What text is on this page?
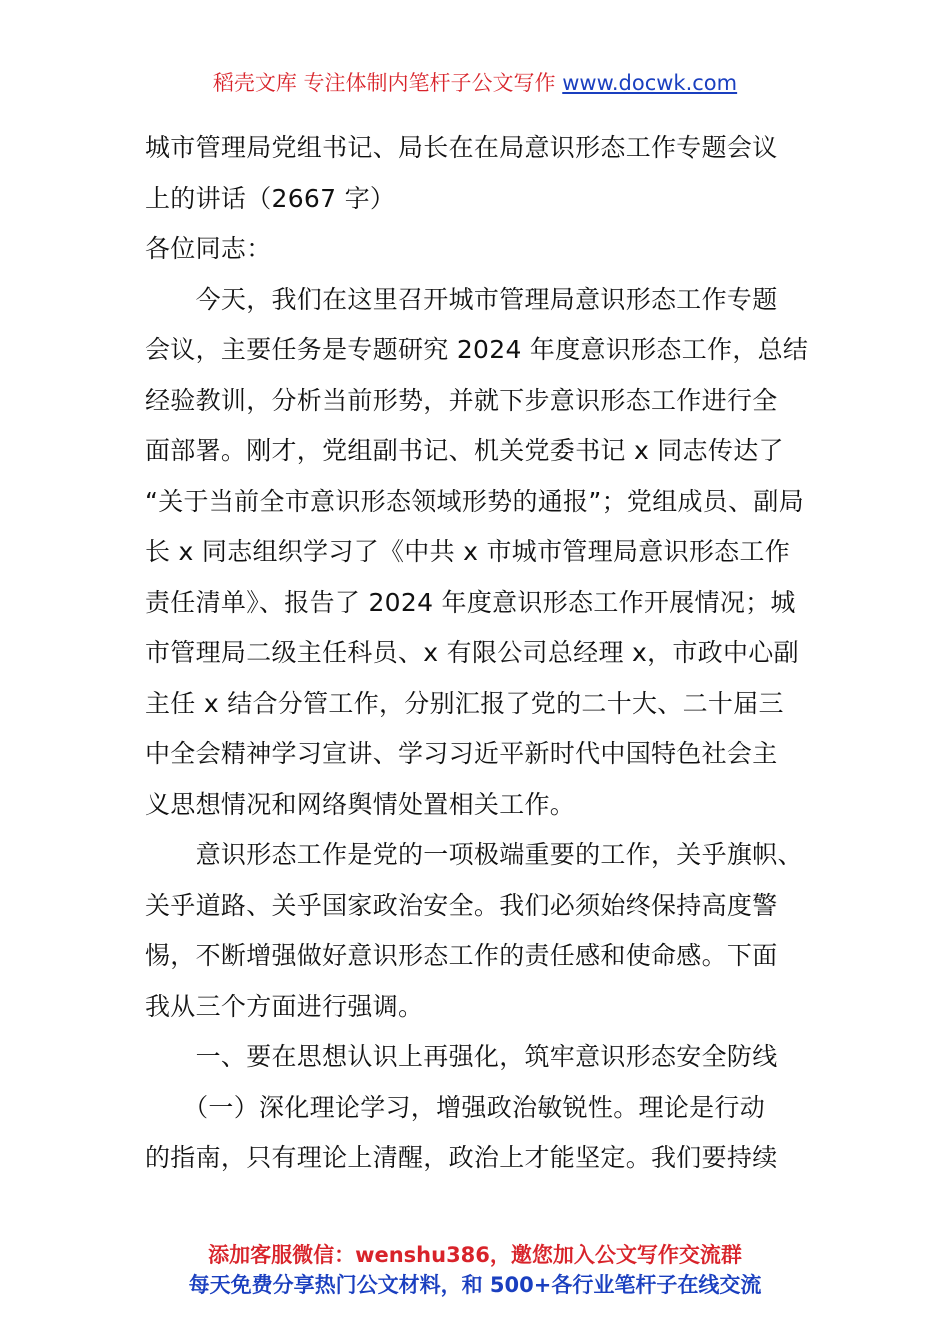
稻壳文库 专注体制内笔杆子公文写作 www.docwk.com
城市管理局党组书记、局长在在局意识形态工作专题会议
上的讲话（2667 字）
各位同志：
　　今天，我们在这里召开城市管理局意识形态工作专题
会议，主要任务是专题研究 2024 年度意识形态工作，总结
经验教训，分析当前形势，并就下步意识形态工作进行全
面部署。刚才，党组副书记、机关党委书记 x 同志传达了
“关于当前全市意识形态领域形势的通报”；党组成员、副局
长 x 同志组织学习了《中共 x 市城市管理局意识形态工作
责任清单》、报告了 2024 年度意识形态工作开展情况；城
市管理局二级主任科员、x 有限公司总经理 x，市政中心副
主任 x 结合分管工作，分别汇报了党的二十大、二十届三
中全会精神学习宣讲、学习习近平新时代中国特色社会主
义思想情况和网络舆情处置相关工作。
　　意识形态工作是党的一项极端重要的工作，关乎旗帜、
关乎道路、关乎国家政治安全。我们必须始终保持高度警
惕，不断增强做好意识形态工作的责任感和使命感。下面
我从三个方面进行强调。
　　一、要在思想认识上再强化，筑牢意识形态安全防线
　　（一）深化理论学习，增强政治敏锐性。理论是行动
的指南，只有理论上清醒，政治上才能坚定。我们要持续
添加客服微信：wenshu386，邀您加入公文写作交流群
每天免费分享热门公文材料，和 500+各行业笔杆子在线交流
